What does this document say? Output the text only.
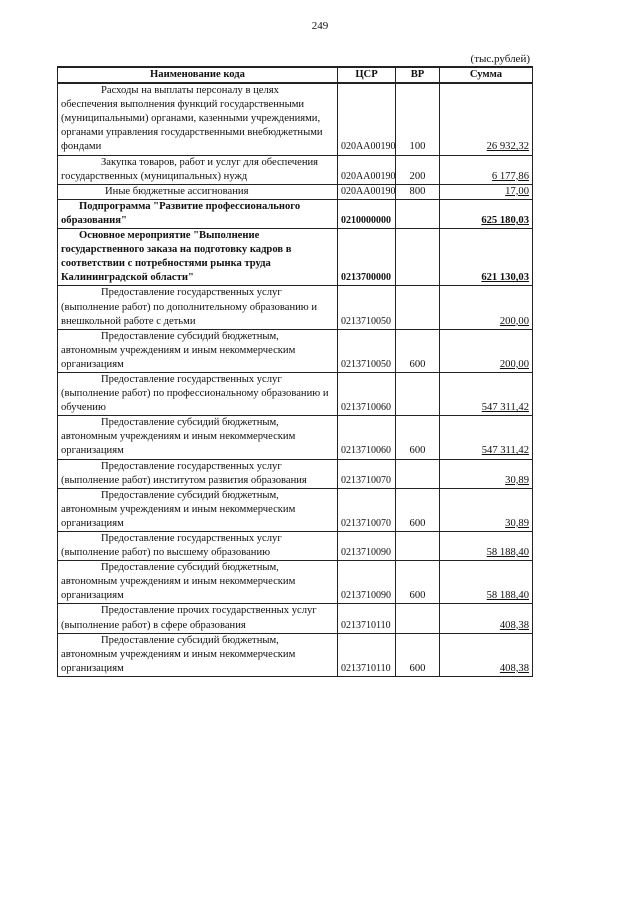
249
(тыс.рублей)
Наименование кода	ЦСР	ВР	Сумма
Расходы на выплаты персоналу в целях обеспечения выполнения функций государственными (муниципальными) органами, казенными учреждениями, органами управления государственными внебюджетными фондами	020АА00190	100	26 932,32
Закупка товаров, работ и услуг для обеспечения государственных (муниципальных) нужд	020АА00190	200	6 177,86
Иные бюджетные ассигнования	020АА00190	800	17,00
Подпрограмма "Развитие профессионального образования"	0210000000		625 180,03
Основное мероприятие "Выполнение государственного заказа на подготовку кадров в соответствии с потребностями рынка труда Калининградской области"	0213700000		621 130,03
Предоставление государственных услуг (выполнение работ) по дополнительному образованию и внешкольной работе с детьми	0213710050		200,00
Предоставление субсидий бюджетным, автономным учреждениям и иным некоммерческим организациям	0213710050	600	200,00
Предоставление государственных услуг (выполнение работ) по профессиональному образованию и обучению	0213710060		547 311,42
Предоставление субсидий бюджетным, автономным учреждениям и иным некоммерческим организациям	0213710060	600	547 311,42
Предоставление государственных услуг (выполнение работ) институтом развития образования	0213710070		30,89
Предоставление субсидий бюджетным, автономным учреждениям и иным некоммерческим организациям	0213710070	600	30,89
Предоставление государственных услуг (выполнение работ) по высшему образованию	0213710090		58 188,40
Предоставление субсидий бюджетным, автономным учреждениям и иным некоммерческим организациям	0213710090	600	58 188,40
Предоставление прочих государственных услуг (выполнение работ) в сфере образования	0213710110		408,38
Предоставление субсидий бюджетным, автономным учреждениям и иным некоммерческим организациям	0213710110	600	408,38
